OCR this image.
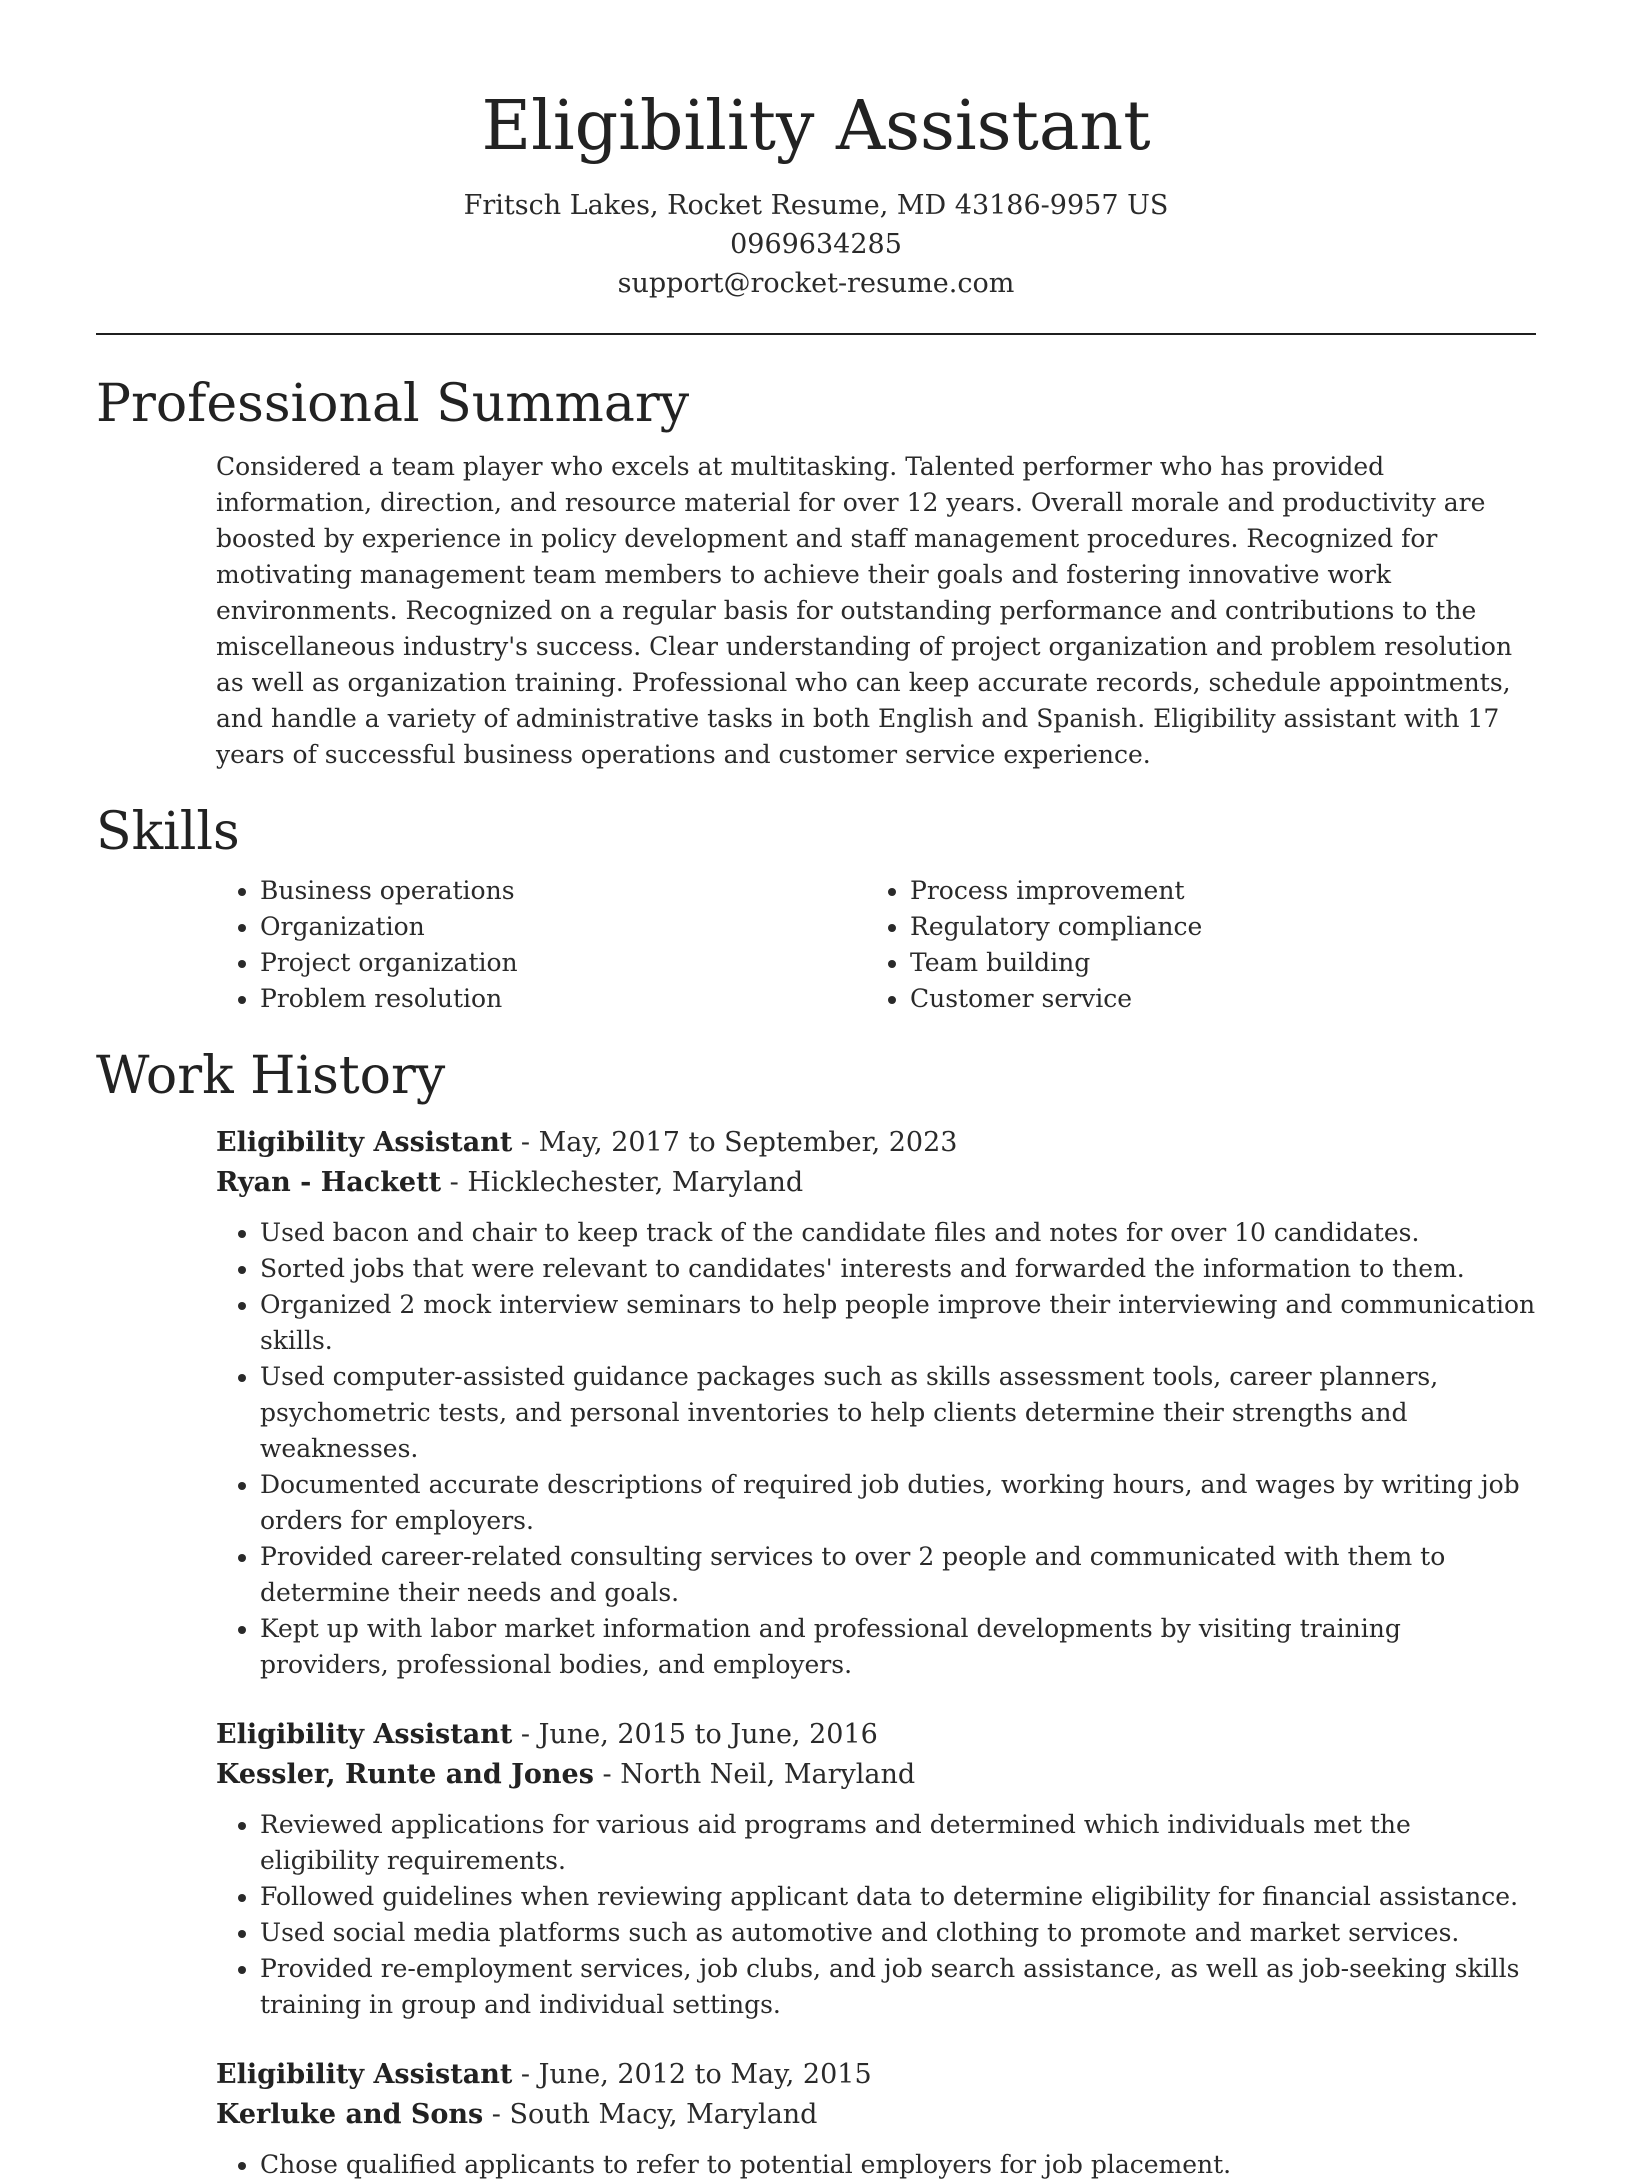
Eligibility Assistant
Fritsch Lakes, Rocket Resume, MD 43186-9957 US
0969634285
support@rocket-resume.com
Professional Summary
Considered a team player who excels at multitasking. Talented performer who has provided information, direction, and resource material for over 12 years. Overall morale and productivity are boosted by experience in policy development and staff management procedures. Recognized for motivating management team members to achieve their goals and fostering innovative work environments. Recognized on a regular basis for outstanding performance and contributions to the miscellaneous industry's success. Clear understanding of project organization and problem resolution as well as organization training. Professional who can keep accurate records, schedule appointments, and handle a variety of administrative tasks in both English and Spanish. Eligibility assistant with 17 years of successful business operations and customer service experience.
Skills
• Business operations
• Organization
• Project organization
• Problem resolution
• Process improvement
• Regulatory compliance
• Team building
• Customer service
Work History
Eligibility Assistant - May, 2017 to September, 2023
Ryan - Hackett - Hicklechester, Maryland
• Used bacon and chair to keep track of the candidate files and notes for over 10 candidates.
• Sorted jobs that were relevant to candidates' interests and forwarded the information to them.
• Organized 2 mock interview seminars to help people improve their interviewing and communication skills.
• Used computer-assisted guidance packages such as skills assessment tools, career planners, psychometric tests, and personal inventories to help clients determine their strengths and weaknesses.
• Documented accurate descriptions of required job duties, working hours, and wages by writing job orders for employers.
• Provided career-related consulting services to over 2 people and communicated with them to determine their needs and goals.
• Kept up with labor market information and professional developments by visiting training providers, professional bodies, and employers.
Eligibility Assistant - June, 2015 to June, 2016
Kessler, Runte and Jones - North Neil, Maryland
• Reviewed applications for various aid programs and determined which individuals met the eligibility requirements.
• Followed guidelines when reviewing applicant data to determine eligibility for financial assistance.
• Used social media platforms such as automotive and clothing to promote and market services.
• Provided re-employment services, job clubs, and job search assistance, as well as job-seeking skills training in group and individual settings.
Eligibility Assistant - June, 2012 to May, 2015
Kerluke and Sons - South Macy, Maryland
• Chose qualified applicants to refer to potential employers for job placement.
